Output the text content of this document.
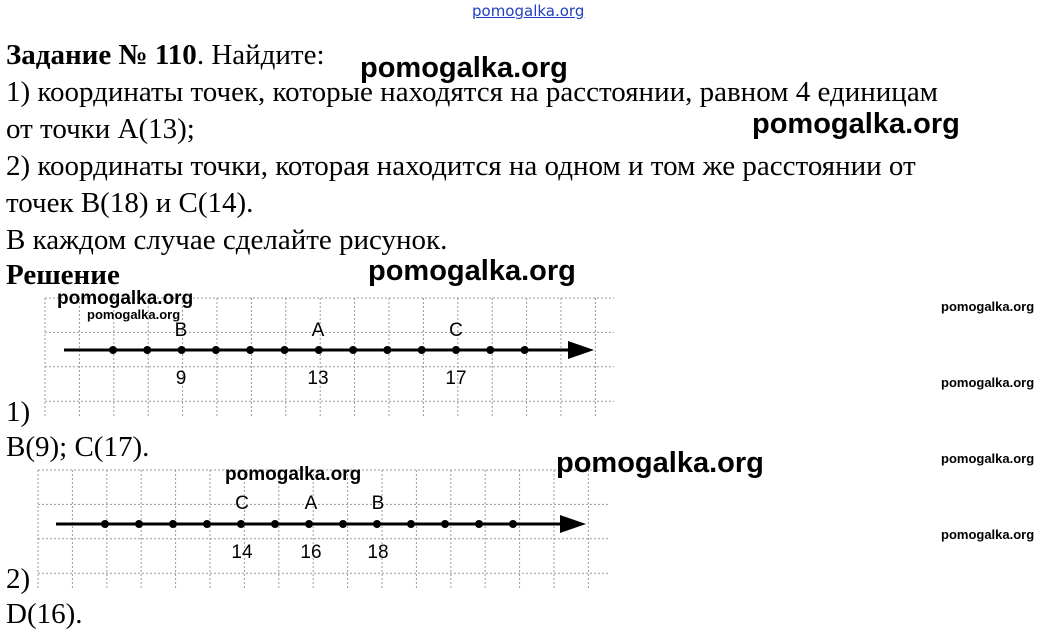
pomogalka.org
Задание № 110. Найдите:
1) координаты точек, которые находятся на расстоянии, равном 4 единицам
от точки A(13);
2) координаты точки, которая находится на одном и том же расстоянии от
точек B(18) и C(14).
В каждом случае сделайте рисунок.
Решение
B	A	C
9	13	17
C	A	B
14	16 18
1)
B(9); C(17).
2)
D(16).
pomogalka.org
pomogalka.org
pomogalka.org
pomogalka.org
pomogalka.org
pomogalka.org
pomogalka.org
pomogalka.org	pomogalka.org
pomogalka.org
pomogalka.org
